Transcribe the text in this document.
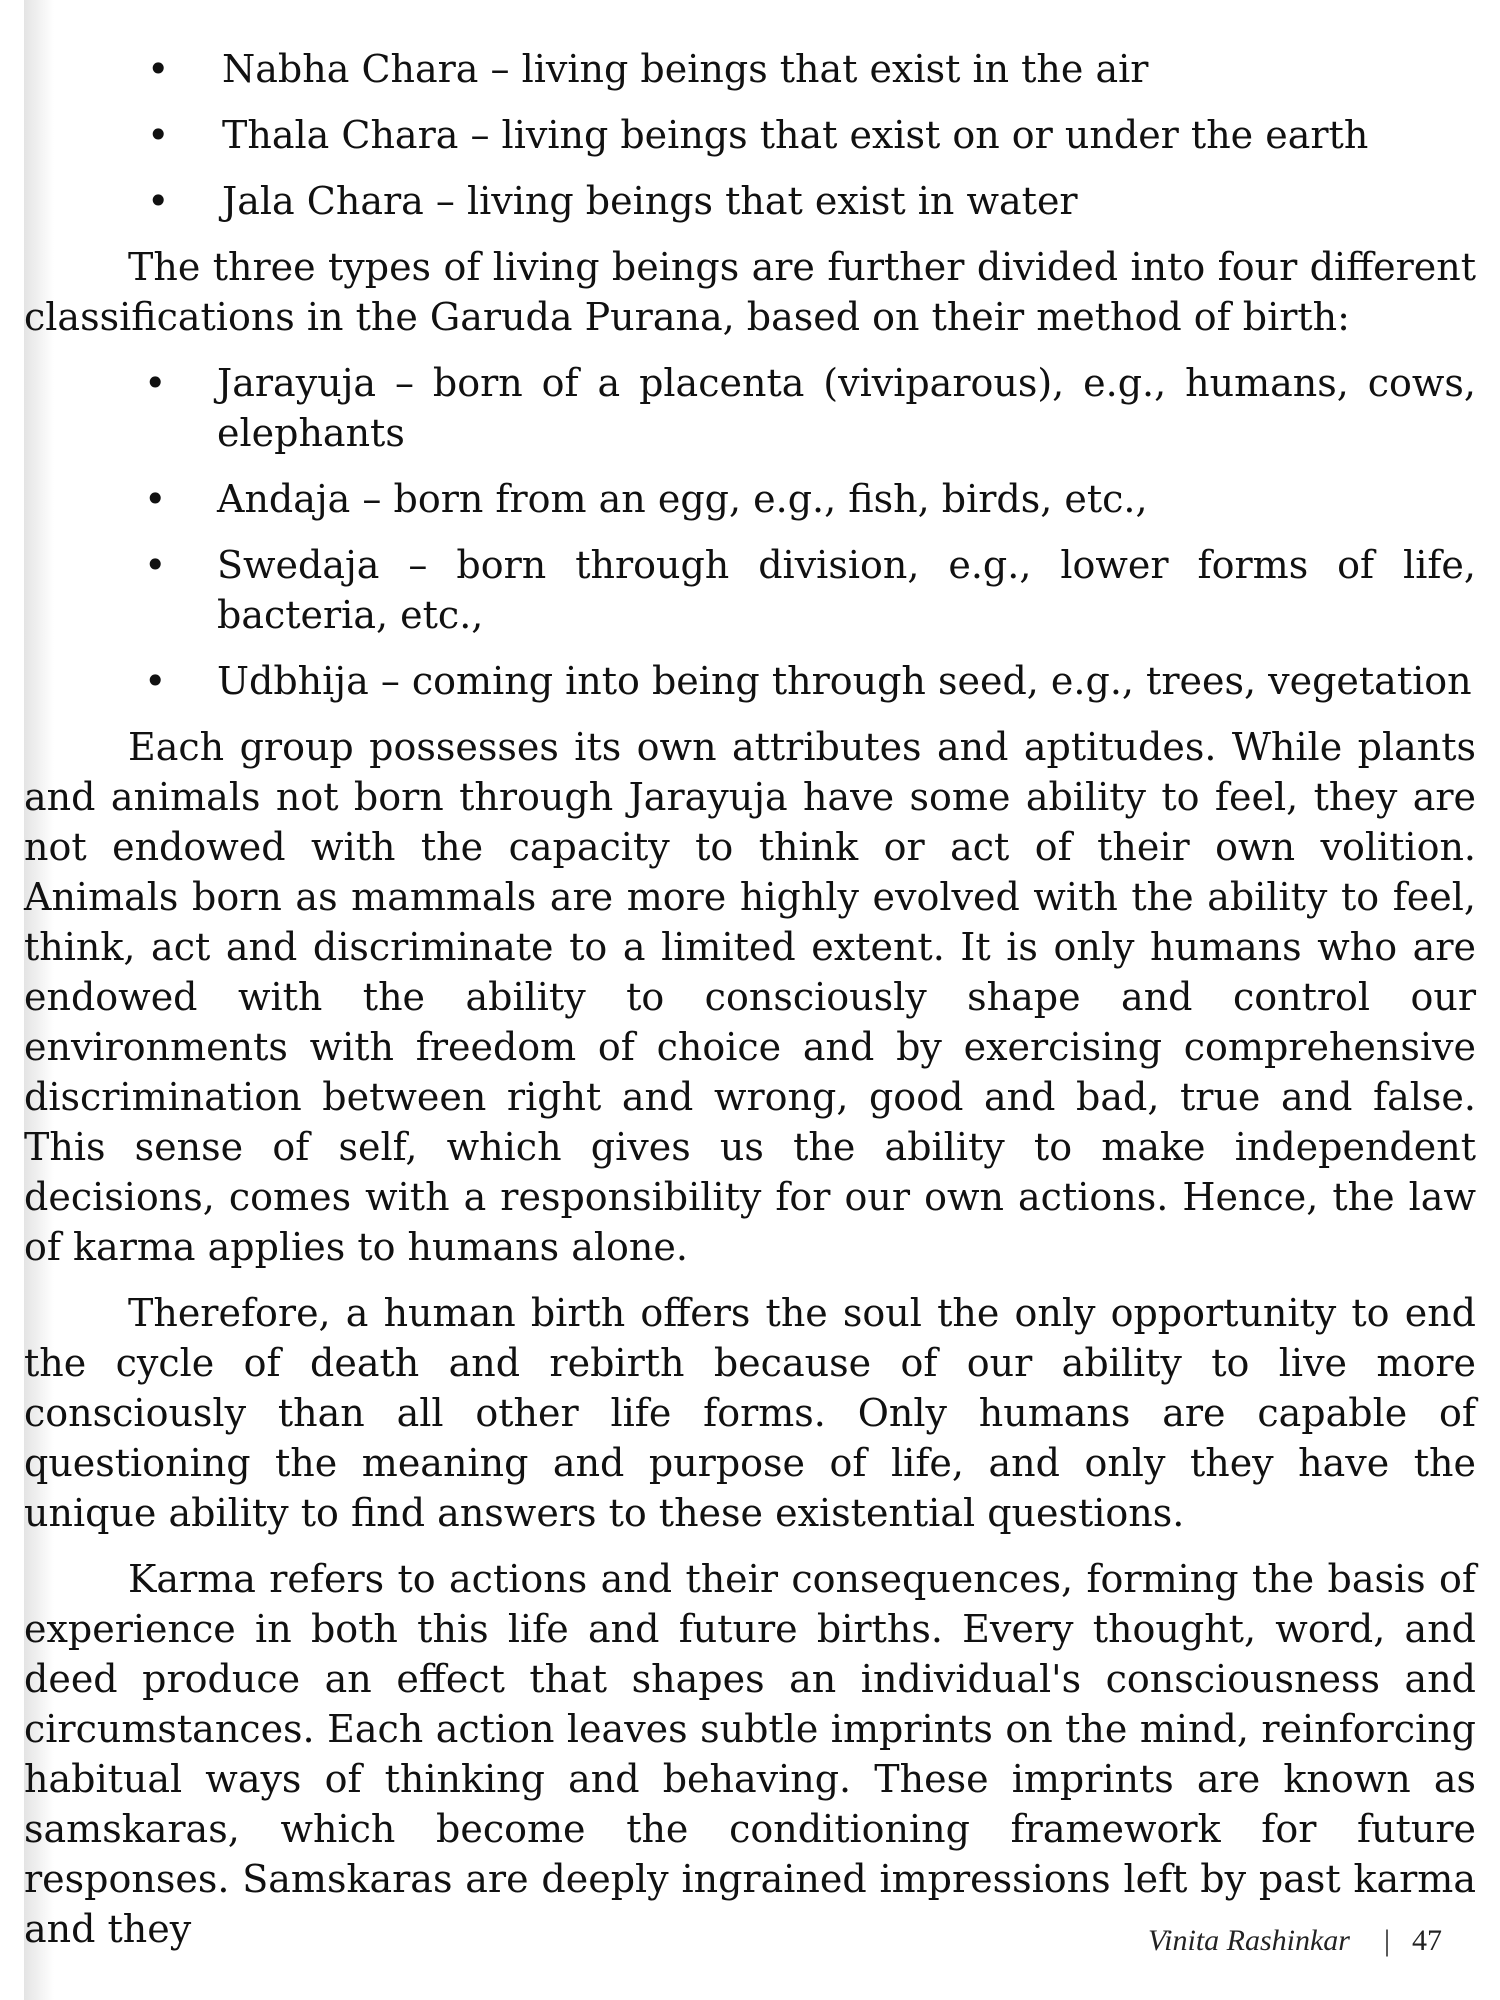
• Nabha Chara – living beings that exist in the air
• Thala Chara – living beings that exist on or under the earth
• Jala Chara – living beings that exist in water

The three types of living beings are further divided into four different classifications in the Garuda Purana, based on their method of birth:

• Jarayuja – born of a placenta (viviparous), e.g., humans, cows, elephants
• Andaja – born from an egg, e.g., fish, birds, etc.,
• Swedaja – born through division, e.g., lower forms of life, bacteria, etc.,
• Udbhija – coming into being through seed, e.g., trees, vegetation

Each group possesses its own attributes and aptitudes. While plants and animals not born through Jarayuja have some ability to feel, they are not endowed with the capacity to think or act of their own volition. Animals born as mammals are more highly evolved with the ability to feel, think, act and discriminate to a limited extent. It is only humans who are endowed with the ability to consciously shape and control our environments with freedom of choice and by exercising comprehensive discrimination between right and wrong, good and bad, true and false. This sense of self, which gives us the ability to make independent decisions, comes with a responsibility for our own actions. Hence, the law of karma applies to humans alone.

Therefore, a human birth offers the soul the only opportunity to end the cycle of death and rebirth because of our ability to live more consciously than all other life forms. Only humans are capable of questioning the meaning and purpose of life, and only they have the unique ability to find answers to these existential questions.

Karma refers to actions and their consequences, forming the basis of experience in both this life and future births. Every thought, word, and deed produce an effect that shapes an individual's consciousness and circumstances. Each action leaves subtle imprints on the mind, reinforcing habitual ways of thinking and behaving. These imprints are known as samskaras, which become the conditioning framework for future responses. Samskaras are deeply ingrained impressions left by past karma and they	Vinita Rashinkar | 47
